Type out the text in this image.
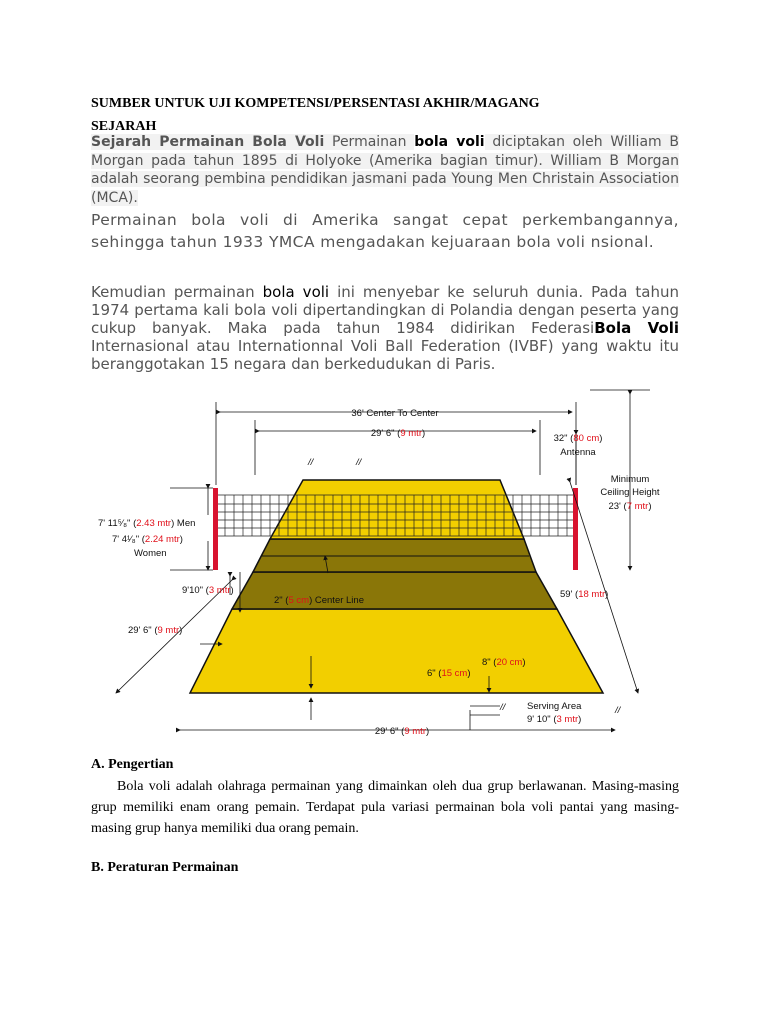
SUMBER UNTUK UJI KOMPETENSI/PERSENTASI AKHIR/MAGANG
SEJARAH
Sejarah Permainan Bola Voli Permainan bola voli diciptakan oleh William B Morgan pada tahun 1895 di Holyoke (Amerika bagian timur). William B Morgan adalah seorang pembina pendidikan jasmani pada Young Men Christain Association (MCA).
Permainan bola voli di Amerika sangat cepat perkembangannya, sehingga tahun 1933 YMCA mengadakan kejuaraan bola voli nsional.
Kemudian permainan bola voli ini menyebar ke seluruh dunia. Pada tahun 1974 pertama kali bola voli dipertandingkan di Polandia dengan peserta yang cukup banyak. Maka pada tahun 1984 didirikan FederasiBola Voli Internasional atau Internationnal Voli Ball Federation (IVBF) yang waktu itu beranggotakan 15 negara dan berkedudukan di Paris.
//	//
36' Center To Center
29' 6" (9 mtr)	32" (80 cm)
Antenna
Minimum
Ceiling Height
23' (7 mtr)
7' 11⁵⁄₈" (2.43 mtr) Men
7' 4¹⁄₈" (2.24 mtr)
Women
9'10" (3 mtr)
2" (5 cm) Center Line
59' (18 mtr)
29' 6" (9 mtr)
8" (20 cm)
6" (15 cm)
Serving Area
9' 10" (3 mtr)
//	//
29' 6" (9 mtr)
A. Pengertian
Bola voli adalah olahraga permainan yang dimainkan oleh dua grup berlawanan. Masing-masing grup memiliki enam orang pemain. Terdapat pula variasi permainan bola voli pantai yang masing-masing grup hanya memiliki dua orang pemain.
B. Peraturan Permainan
